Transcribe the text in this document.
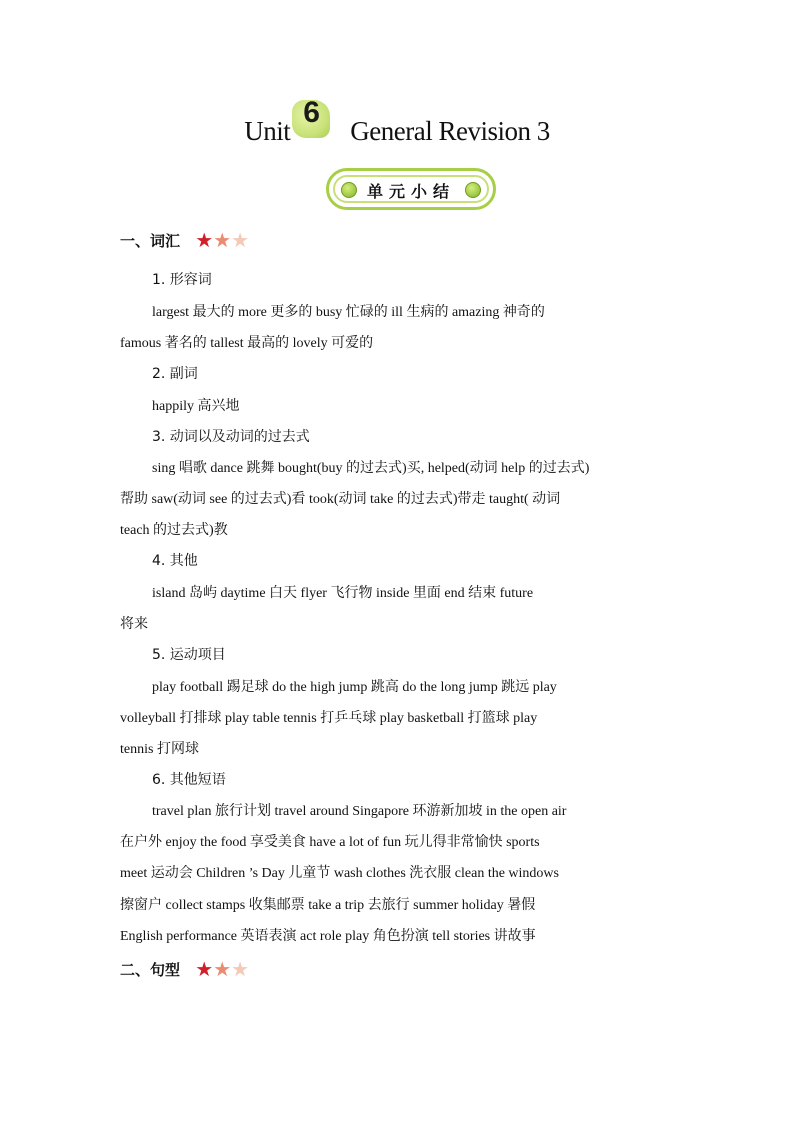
Unit
6
General Revision 3
单元小结
一、词汇 ★★★
1. 形容词
largest 最大的 more 更多的 busy 忙碌的 ill 生病的 amazing 神奇的
famous 著名的 tallest 最高的 lovely 可爱的
2. 副词
happily 高兴地
3. 动词以及动词的过去式
sing 唱歌 dance 跳舞 bought(buy 的过去式)买, helped(动词 help 的过去式)
帮助 saw(动词 see 的过去式)看 took(动词 take 的过去式)带走 taught( 动词
teach 的过去式)教
4. 其他
island 岛屿 daytime 白天 flyer 飞行物 inside 里面 end 结束 future
将来
5. 运动项目
play football 踢足球 do the high jump 跳高 do the long jump 跳远 play
volleyball 打排球 play table tennis 打乒乓球 play basketball 打篮球 play
tennis 打网球
6. 其他短语
travel plan 旅行计划 travel around Singapore 环游新加坡 in the open air
在户外 enjoy the food 享受美食 have a lot of fun 玩儿得非常愉快 sports
meet 运动会 Children ’s Day 儿童节 wash clothes 洗衣服 clean the windows
擦窗户 collect stamps 收集邮票 take a trip 去旅行 summer holiday 暑假
English performance 英语表演 act role play 角色扮演 tell stories 讲故事
二、句型 ★★★
